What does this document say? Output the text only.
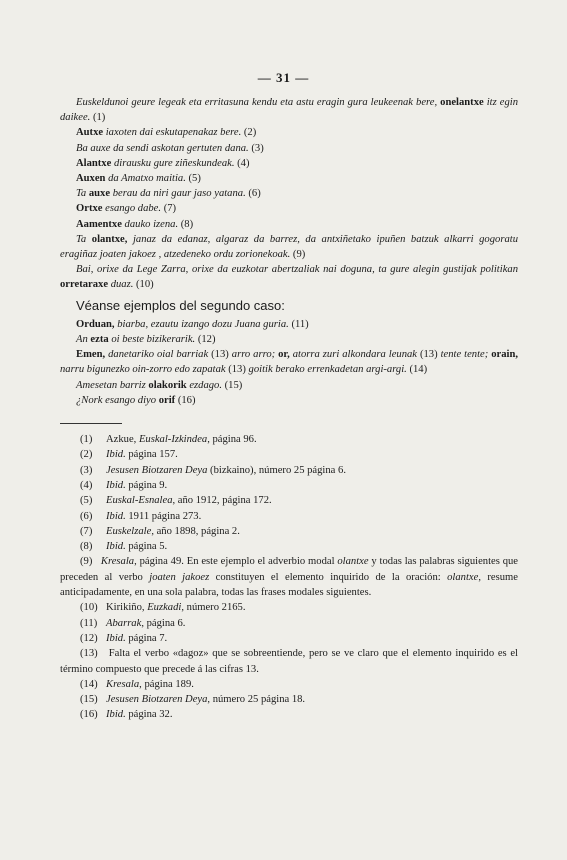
— 31 —

Euskeldunoi geure legeak eta erritasuna kendu eta astu eragin gura leukeenak bere, onelantxe itz egin daikee. (1)

Autxe iaxoten dai eskutapenakaz bere. (2)

Ba auxe da sendi askotan gertuten dana. (3)

Alantxe dirausku gure ziñeskundeak. (4)

Auxen da Amatxo maitia. (5)

Ta auxe berau da niri gaur jaso yatana. (6)

Ortxe esango dabe. (7)

Aamentxe dauko izena. (8)

Ta olantxe, janaz da edanaz, algaraz da barrez, da antxiñetako ipuñen batzuk alkarri gogoratu eragiñaz joaten jakoez , atzedeneko ordu zorionekoak. (9)

Bai, orixe da Lege Zarra, orixe da euzkotar abertzaliak nai doguna, ta gure alegin gustijak politikan orretaraxe duaz. (10)

Véanse ejemplos del segundo caso:

Orduan, biarba, ezautu izango dozu Juana guria. (11)

An ezta oi beste bizikerarik. (12)

Emen, danetariko oial barriak (13) arro arro; or, atorra zuri alkondara leunak (13) tente tente; orain, narru bigunezko oin-zorro edo zapatak (13) goitik berako errenkadetan argi-argi. (14)

Amesetan barriz olakorik ezdago. (15)

¿Nork esango diyo orif (16)

(1)	Azkue, Euskal-Izkindea, página 96.

(2)	Ibid. página 157.

(3)	Jesusen Biotzaren Deya (bizkaino), número 25 página 6.

(4)	Ibid. página 9.

(5)	Euskal-Esnalea, año 1912, página 172.

(6)	Ibid. 1911 página 273.

(7)	Euskelzale, año 1898, página 2.

(8)	Ibid. página 5.

(9) Kresala, página 49. En este ejemplo el adverbio modal olantxe y todas las palabras siguientes que preceden al verbo joaten jakoez constituyen el elemento inquirido de la oración: olantxe, resume anticipadamente, en una sola palabra, todas las frases modales siguientes.

(10) Kirikiño, Euzkadi, número 2165.

(11) Abarrak, página 6.

(12) Ibid. página 7.

(13) Falta el verbo «dagoz» que se sobreentiende, pero se ve claro que el elemento inquirido es el término compuesto que precede á las cifras 13.

(14) Kresala, página 189.

(15) Jesusen Biotzaren Deya, número 25 página 18.

(16) Ibid. página 32.
